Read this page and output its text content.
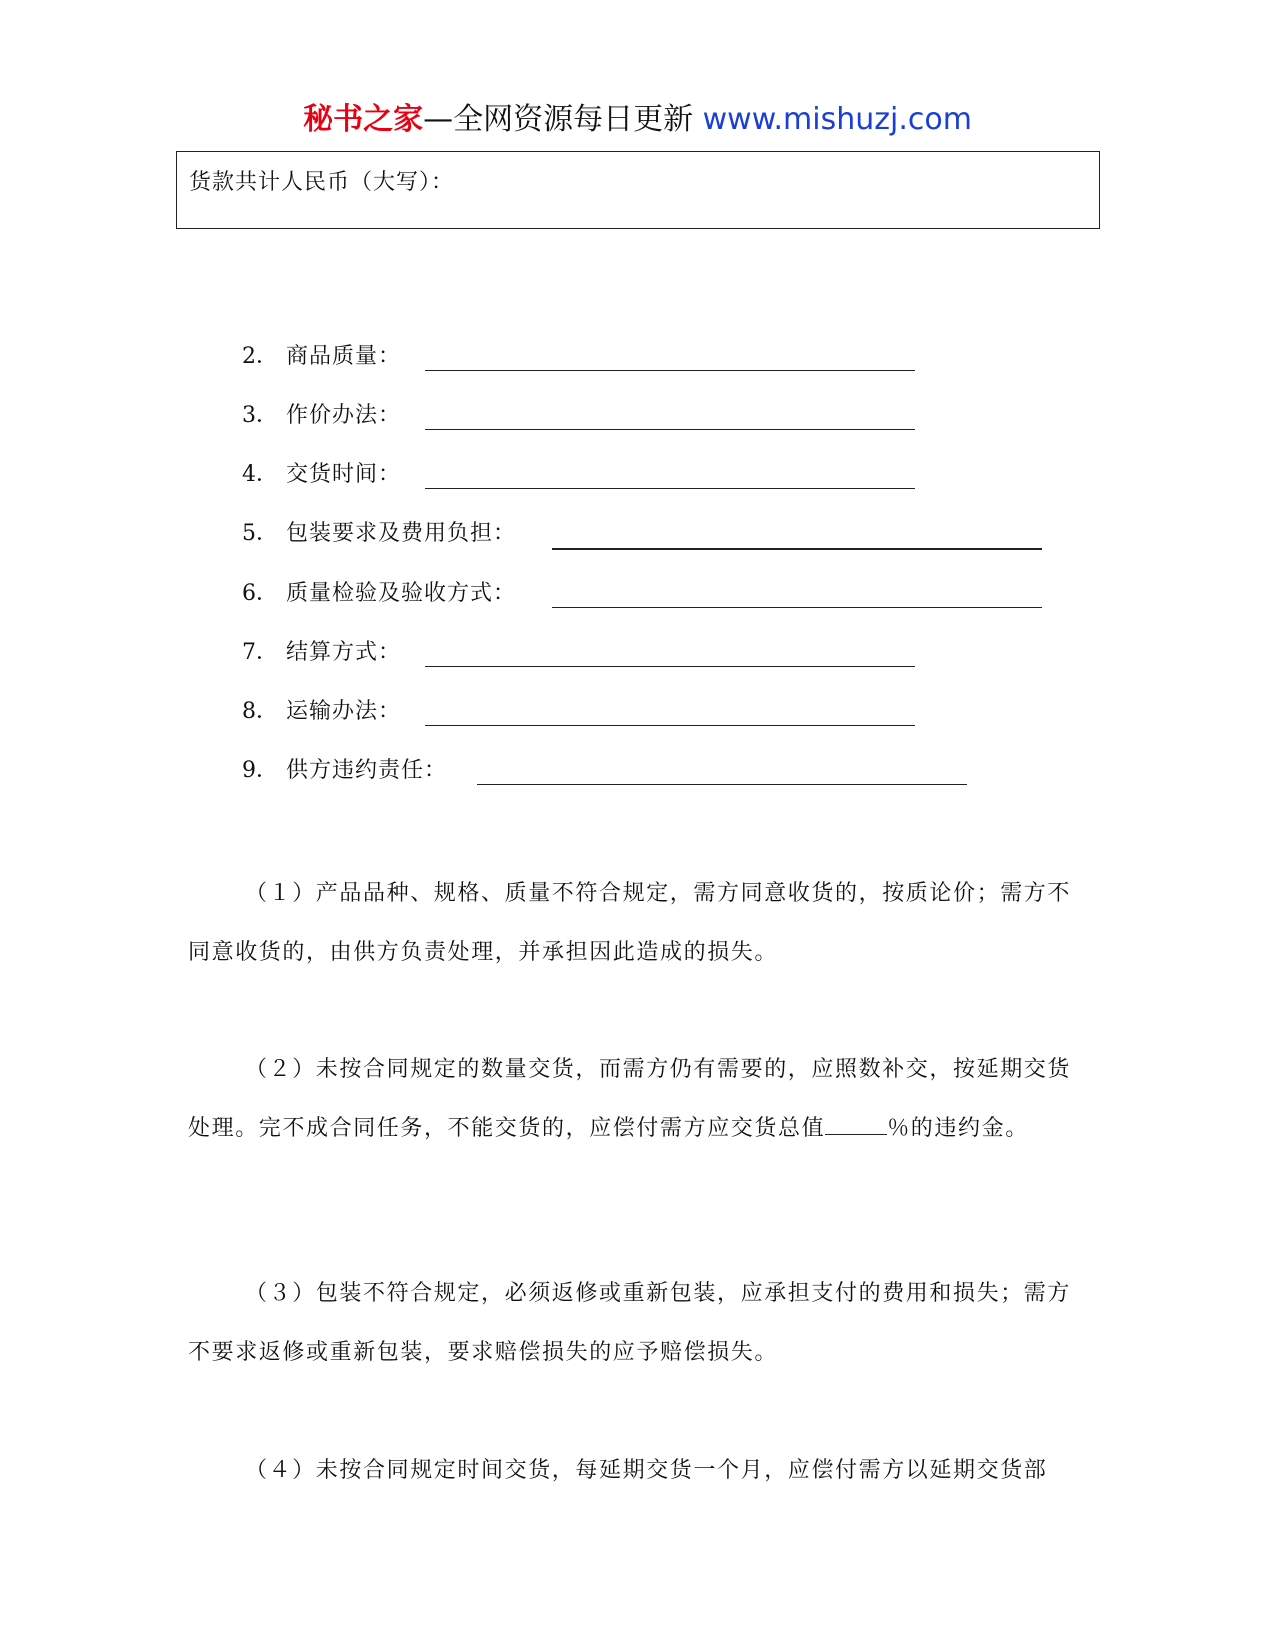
秘书之家—全网资源每日更新 www.mishuzj.com
货款共计人民币（大写）：
2． 商品质量：
3． 作价办法：
4． 交货时间：
5． 包装要求及费用负担：
6． 质量检验及验收方式：
7． 结算方式：
8． 运输办法：
9． 供方违约责任：
（１）产品品种、规格、质量不符合规定，需方同意收货的，按质论价；需方不同意收货的，由供方负责处理，并承担因此造成的损失。
（２）未按合同规定的数量交货，而需方仍有需要的，应照数补交，按延期交货处理。完不成合同任务，不能交货的，应偿付需方应交货总值	％的违约金。
（３）包装不符合规定，必须返修或重新包装，应承担支付的费用和损失；需方不要求返修或重新包装，要求赔偿损失的应予赔偿损失。
（４）未按合同规定时间交货，每延期交货一个月，应偿付需方以延期交货部
